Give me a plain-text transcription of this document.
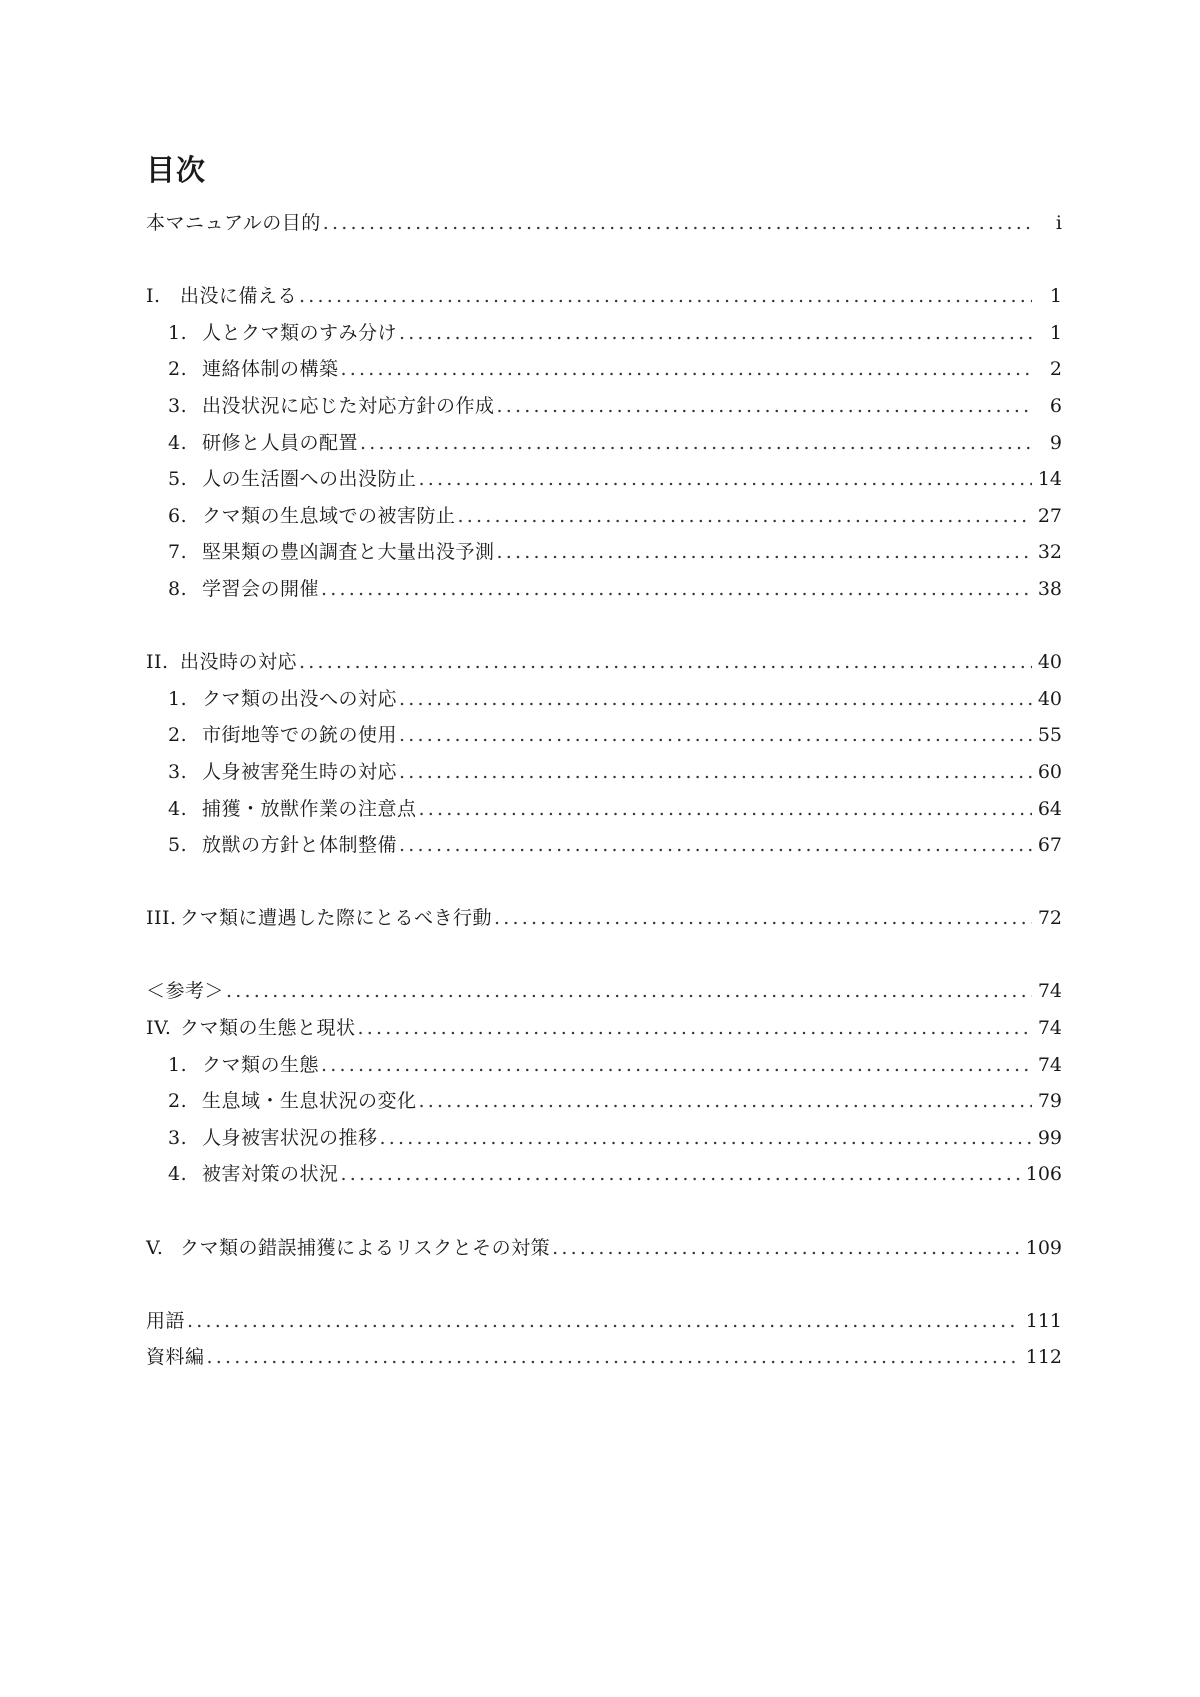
目次
本マニュアルの目的 .....	i
I. 出没に備える .....	1
1. 人とクマ類のすみ分け .....	1
2. 連絡体制の構築 .....	2
3. 出没状況に応じた対応方針の作成 .....	6
4. 研修と人員の配置 .....	9
5. 人の生活圏への出没防止 .....	14
6. クマ類の生息域での被害防止 .....	27
7. 堅果類の豊凶調査と大量出没予測 .....	32
8. 学習会の開催 .....	38
II. 出没時の対応 .....	40
1. クマ類の出没への対応 .....	40
2. 市街地等での銃の使用 .....	55
3. 人身被害発生時の対応 .....	60
4. 捕獲・放獣作業の注意点 .....	64
5. 放獣の方針と体制整備 .....	67
III. クマ類に遭遇した際にとるべき行動 .....	72
＜参考＞ .....	74
IV. クマ類の生態と現状 .....	74
1. クマ類の生態 .....	74
2. 生息域・生息状況の変化 .....	79
3. 人身被害状況の推移 .....	99
4. 被害対策の状況 .....	106
V. クマ類の錯誤捕獲によるリスクとその対策 .....	109
用語 .....	111
資料編 .....	112
